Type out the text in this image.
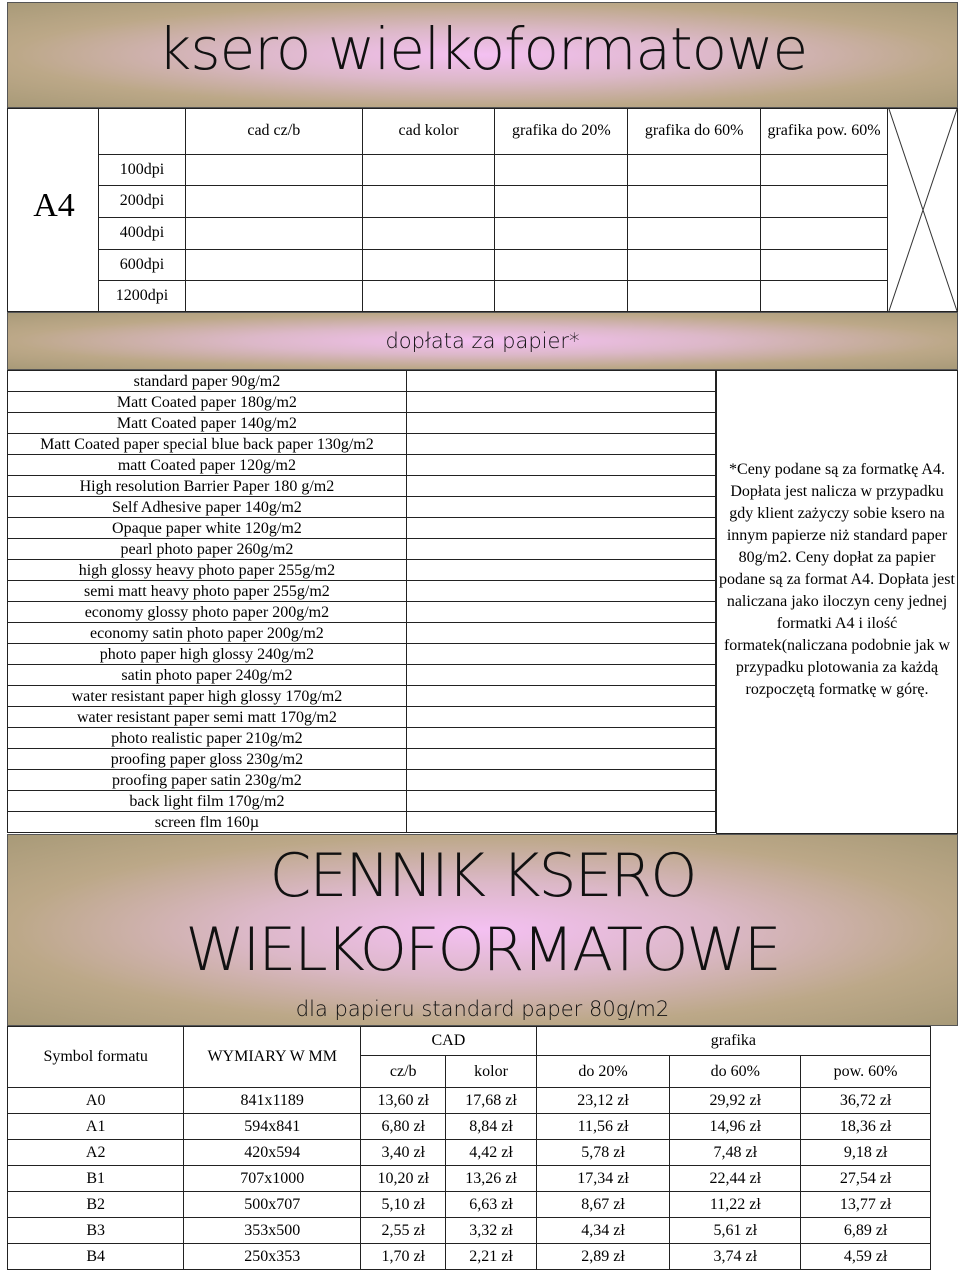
ksero wielkoformatowe
A4
	cad cz/b	cad kolor	grafika do 20%	grafika do 60%	grafika pow. 60%
100dpi					
200dpi					
400dpi					
600dpi					
1200dpi					
dopłata za papier*
standard paper 90g/m2	
Matt Coated paper 180g/m2	
Matt Coated paper 140g/m2	
Matt Coated paper special blue back paper 130g/m2	
matt Coated paper 120g/m2	
High resolution Barrier Paper 180 g/m2	
Self Adhesive paper 140g/m2	
Opaque paper white 120g/m2	
pearl photo paper 260g/m2	
high glossy heavy photo paper 255g/m2	
semi matt heavy photo paper 255g/m2	
economy glossy photo paper 200g/m2	
economy satin photo paper 200g/m2	
photo paper high glossy 240g/m2	
satin photo paper 240g/m2	
water resistant paper high glossy 170g/m2	
water resistant paper semi matt 170g/m2	
photo realistic paper 210g/m2	
proofing paper gloss 230g/m2	
proofing paper satin 230g/m2	
back light film 170g/m2	
screen flm 160µ	
*Ceny podane są za formatkę A4. Dopłata jest nalicza w przypadku gdy klient zażyczy sobie ksero na innym papierze niż standard paper 80g/m2. Ceny dopłat za papier podane są za format A4. Dopłata jest naliczana jako iloczyn ceny jednej formatki A4 i ilość formatek(naliczana podobnie jak w przypadku plotowania za każdą rozpoczętą formatkę w górę.
CENNIK KSERO
WIELKOFORMATOWE
dla papieru standard paper 80g/m2
Symbol formatu	WYMIARY W MM	CAD		grafika		
		cz/b	kolor	do 20%	do 60%	pow. 60%
A0	841x1189	13,60 zł	17,68 zł	23,12 zł	29,92 zł	36,72 zł
A1	594x841	6,80 zł	8,84 zł	11,56 zł	14,96 zł	18,36 zł
A2	420x594	3,40 zł	4,42 zł	5,78 zł	7,48 zł	9,18 zł
B1	707x1000	10,20 zł	13,26 zł	17,34 zł	22,44 zł	27,54 zł
B2	500x707	5,10 zł	6,63 zł	8,67 zł	11,22 zł	13,77 zł
B3	353x500	2,55 zł	3,32 zł	4,34 zł	5,61 zł	6,89 zł
B4	250x353	1,70 zł	2,21 zł	2,89 zł	3,74 zł	4,59 zł
